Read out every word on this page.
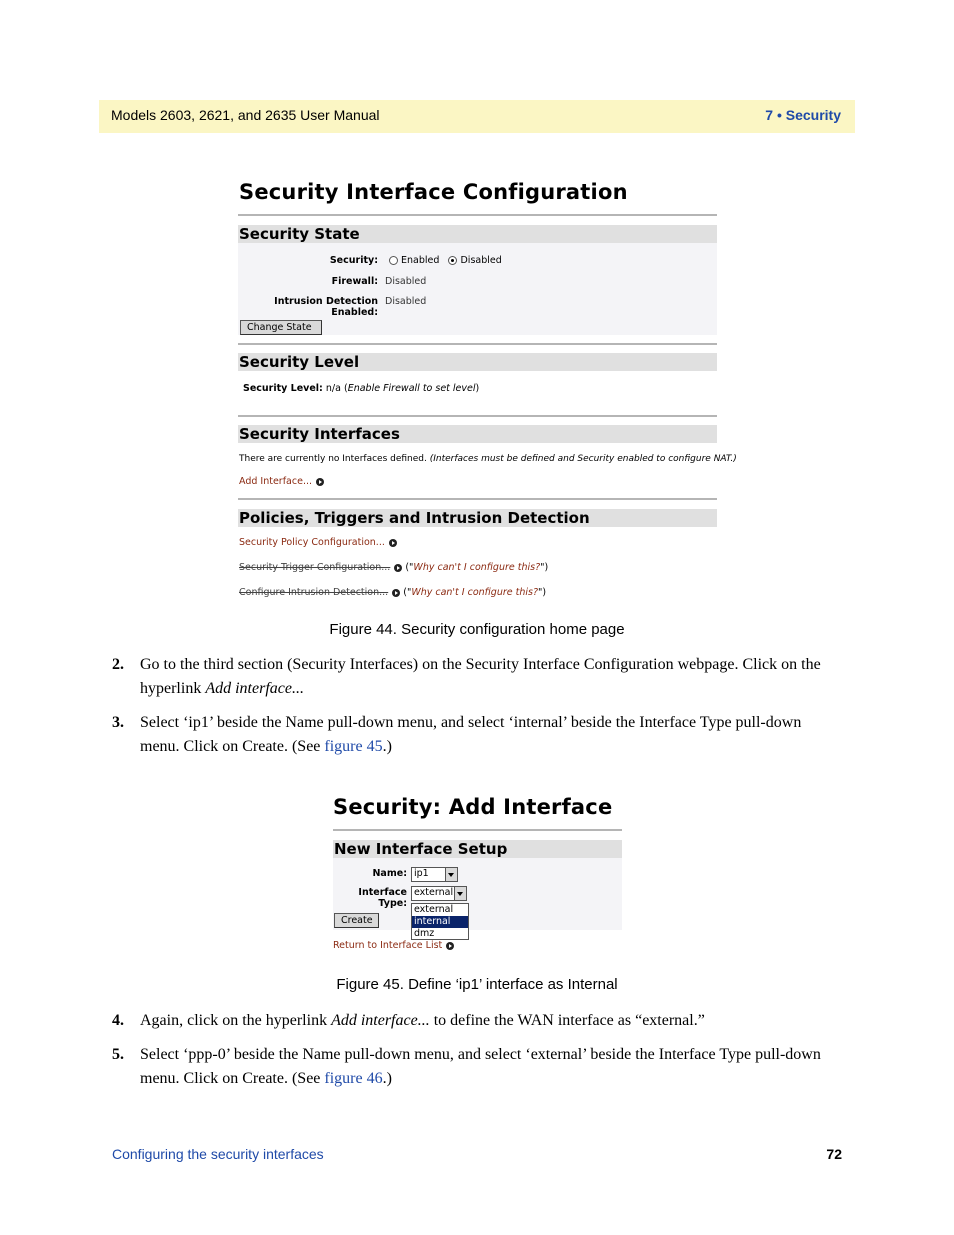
Models 2603, 2621, and 2635 User Manual	7 • Security
Security Interface Configuration
Security State
Security:	Enabled Disabled
Firewall: Disabled
Intrusion Detection Enabled:
Disabled
Change State
Security Level
Security Level: n/a (Enable Firewall to set level)
Security Interfaces
There are currently no Interfaces defined. (Interfaces must be defined and Security enabled to configure NAT.)
Add Interface...
Policies, Triggers and Intrusion Detection
Security Policy Configuration...
Security Trigger Configuration... ("Why can't I configure this?")
Configure Intrusion Detection... ("Why can't I configure this?")
Figure 44. Security configuration home page
2. Go to the third section (Security Interfaces) on the Security Interface Configuration webpage. Click on the hyperlink Add interface...
3. Select ‘ip1’ beside the Name pull-down menu, and select ‘internal’ beside the Interface Type pull-down menu. Click on Create. (See figure 45.)
Security: Add Interface
New Interface Setup
Name: ip1
Interface Type:
external
Create
external
internal
dmz
Return to Interface List
Figure 45. Define ‘ip1’ interface as Internal
4. Again, click on the hyperlink Add interface... to define the WAN interface as “external.”
5. Select ‘ppp-0’ beside the Name pull-down menu, and select ‘external’ beside the Interface Type pull-down menu. Click on Create. (See figure 46.)
Configuring the security interfaces	72
